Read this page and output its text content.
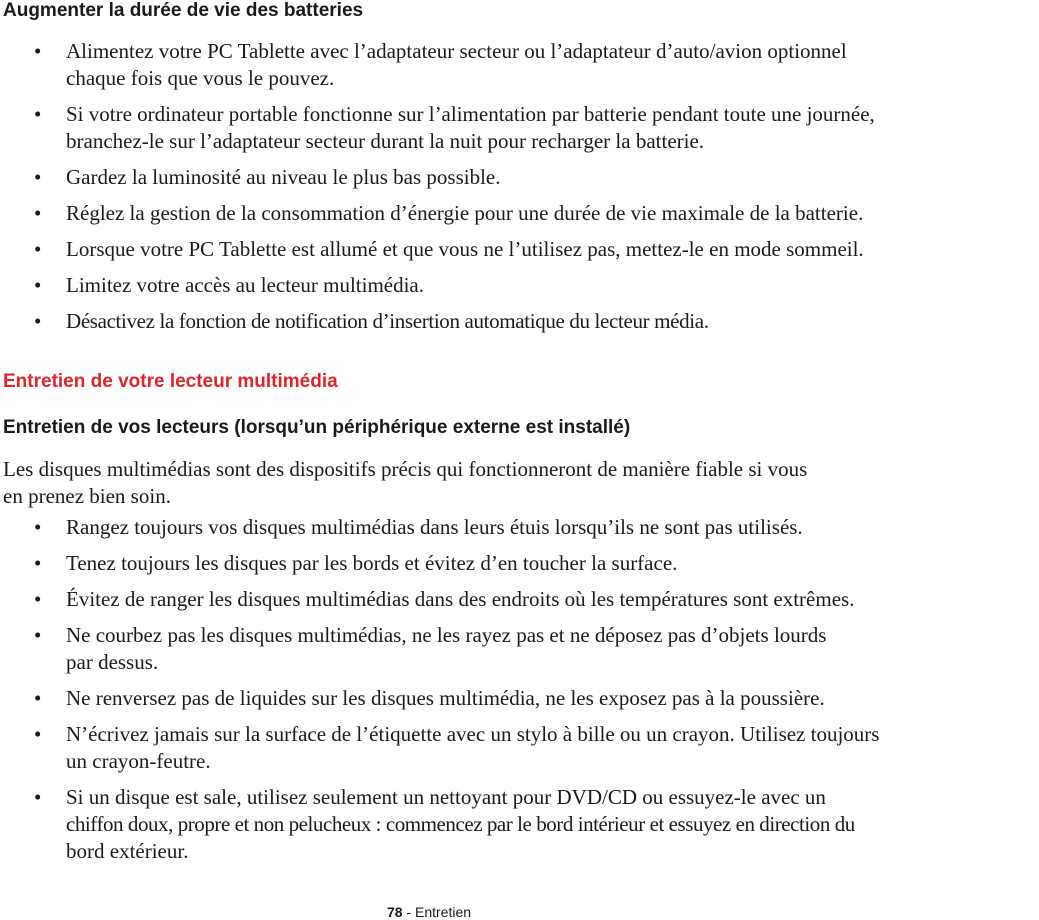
Augmenter la durée de vie des batteries
• Alimentez votre PC Tablette avec l’adaptateur secteur ou l’adaptateur d’auto/avion optionnel
chaque fois que vous le pouvez.
• Si votre ordinateur portable fonctionne sur l’alimentation par batterie pendant toute une journée,
branchez-le sur l’adaptateur secteur durant la nuit pour recharger la batterie.
• Gardez la luminosité au niveau le plus bas possible.
• Réglez la gestion de la consommation d’énergie pour une durée de vie maximale de la batterie.
• Lorsque votre PC Tablette est allumé et que vous ne l’utilisez pas, mettez-le en mode sommeil.
• Limitez votre accès au lecteur multimédia.
• Désactivez la fonction de notification d’insertion automatique du lecteur média.
Entretien de votre lecteur multimédia
Entretien de vos lecteurs (lorsqu’un périphérique externe est installé)

Les disques multimédias sont des dispositifs précis qui fonctionneront de manière fiable si vous
en prenez bien soin.

• Rangez toujours vos disques multimédias dans leurs étuis lorsqu’ils ne sont pas utilisés.
• Tenez toujours les disques par les bords et évitez d’en toucher la surface.
• Évitez de ranger les disques multimédias dans des endroits où les températures sont extrêmes.
• Ne courbez pas les disques multimédias, ne les rayez pas et ne déposez pas d’objets lourds
par dessus.
• Ne renversez pas de liquides sur les disques multimédia, ne les exposez pas à la poussière.
• N’écrivez jamais sur la surface de l’étiquette avec un stylo à bille ou un crayon. Utilisez toujours
un crayon-feutre.
• Si un disque est sale, utilisez seulement un nettoyant pour DVD/CD ou essuyez-le avec un
chiffon doux, propre et non pelucheux : commencez par le bord intérieur et essuyez en direction du
bord extérieur.
78 - Entretien
